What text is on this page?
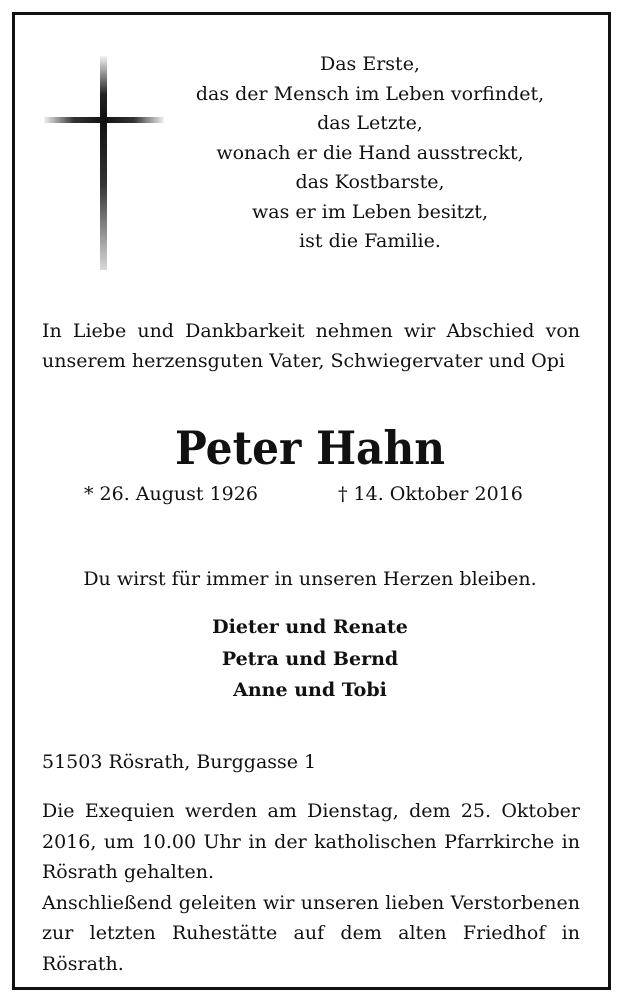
Das Erste,
das der Mensch im Leben vorfindet,
das Letzte,
wonach er die Hand ausstreckt,
das Kostbarste,
was er im Leben besitzt,
ist die Familie.
In Liebe und Dankbarkeit nehmen wir Abschied von
unserem herzensguten Vater, Schwiegervater und Opi
Peter Hahn
* 26. August 1926	† 14. Oktober 2016
Du wirst für immer in unseren Herzen bleiben.
Dieter und Renate
Petra und Bernd
Anne und Tobi
51503 Rösrath, Burggasse 1
Die Exequien werden am Dienstag, dem 25. Oktober
2016, um 10.00 Uhr in der katholischen Pfarrkirche in
Rösrath gehalten.
Anschließend geleiten wir unseren lieben Verstorbenen
zur letzten Ruhestätte auf dem alten Friedhof in Rösrath.
